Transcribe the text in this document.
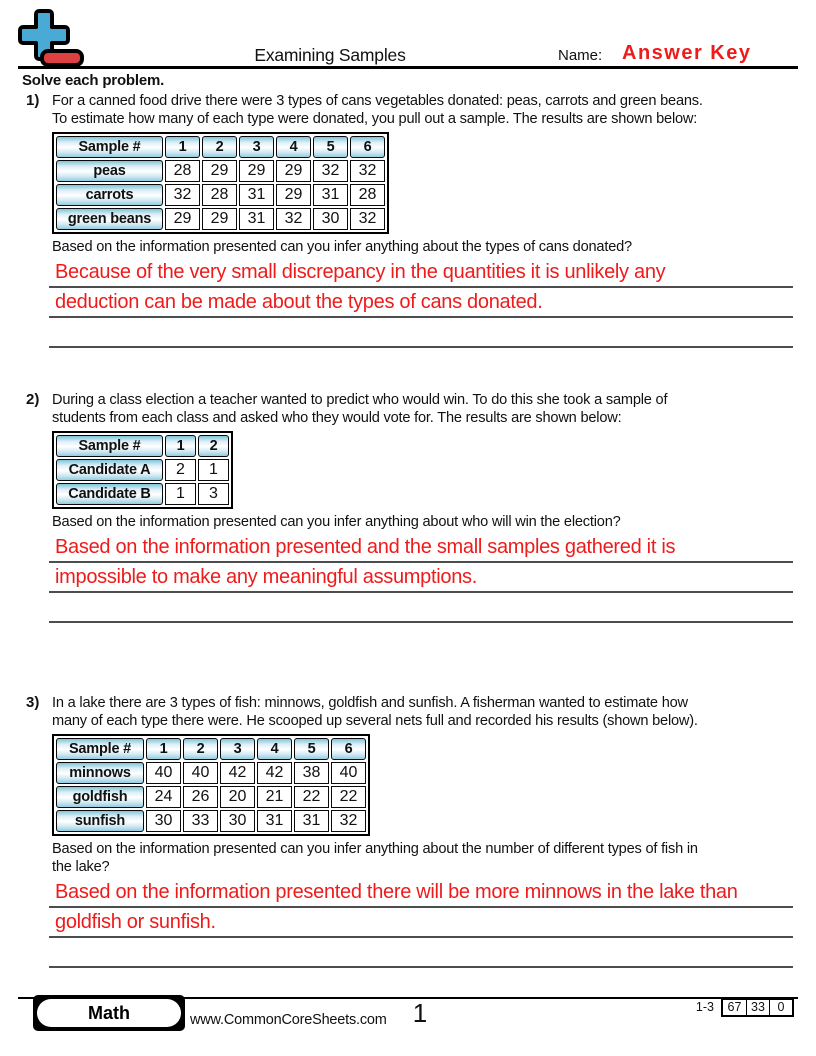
Examining Samples	Name: Answer Key
Solve each problem.
1) For a canned food drive there were 3 types of cans vegetables donated: peas, carrots and green beans.
To estimate how many of each type were donated, you pull out a sample. The results are shown below:
Sample #	1	2	3	4	5	6
peas	28	29	29	29	32	32
carrots	32	28	31	29	31	28
green beans	29	29	31	32	30	32
Based on the information presented can you infer anything about the types of cans donated?
Because of the very small discrepancy in the quantities it is unlikely any
deduction can be made about the types of cans donated.
2) During a class election a teacher wanted to predict who would win. To do this she took a sample of
students from each class and asked who they would vote for. The results are shown below:
Sample #	1	2
Candidate A	2	1
Candidate B	1	3
Based on the information presented can you infer anything about who will win the election?
Based on the information presented and the small samples gathered it is
impossible to make any meaningful assumptions.
3) In a lake there are 3 types of fish: minnows, goldfish and sunfish. A fisherman wanted to estimate how
many of each type there were. He scooped up several nets full and recorded his results (shown below).
Sample #	1	2	3	4	5	6
minnows	40	40	42	42	38	40
goldfish	24	26	20	21	22	22
sunfish	30	33	30	31	31	32
Based on the information presented can you infer anything about the number of different types of fish in
the lake?
Based on the information presented there will be more minnows in the lake than
goldfish or sunfish.
Math	www.CommonCoreSheets.com	1	1-3	67 33	0
